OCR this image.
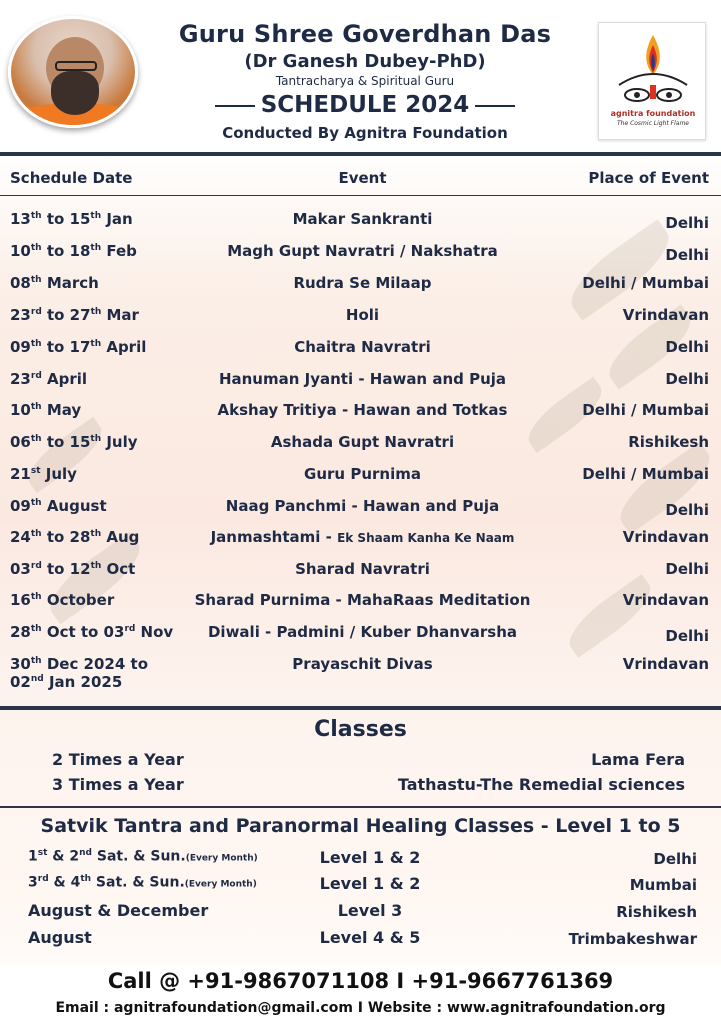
Guru Shree Goverdhan Das
(Dr Ganesh Dubey-PhD)
Tantracharya & Spiritual Guru
SCHEDULE 2024
Conducted By Agnitra Foundation
agnitra foundation
The Cosmic Light Flame
Schedule Date	Event	Place of Event
13th to 15th Jan	Makar Sankranti	Delhi
10th to 18th Feb	Magh Gupt Navratri / Nakshatra	Delhi
08th March	Rudra Se Milaap	Delhi / Mumbai
23rd to 27th Mar	Holi	Vrindavan
09th to 17th April	Chaitra Navratri	Delhi
23rd April	Hanuman Jyanti - Hawan and Puja	Delhi
10th May	Akshay Tritiya - Hawan and Totkas	Delhi / Mumbai
06th to 15th July	Ashada Gupt Navratri	Rishikesh
21st July	Guru Purnima	Delhi / Mumbai
09th August	Naag Panchmi - Hawan and Puja	Delhi
24th to 28th Aug	Janmashtami - Ek Shaam Kanha Ke Naam	Vrindavan
03rd to 12th Oct	Sharad Navratri	Delhi
16th October	Sharad Purnima - MahaRaas Meditation	Vrindavan
28th Oct to 03rd Nov	Diwali - Padmini / Kuber Dhanvarsha	Delhi
30th Dec 2024 to
02nd Jan 2025
Prayaschit Divas	Vrindavan
Classes
2 Times a Year	Lama Fera
3 Times a Year	Tathastu-The Remedial sciences
Satvik Tantra and Paranormal Healing Classes - Level 1 to 5
1st & 2nd Sat. & Sun.(Every Month)	Level 1 & 2	Delhi
3rd & 4th Sat. & Sun.(Every Month)	Level 1 & 2	Mumbai
August & December	Level 3	Rishikesh
August	Level 4 & 5	Trimbakeshwar
Call @ +91-9867071108 I +91-9667761369
Email : agnitrafoundation@gmail.com I Website : www.agnitrafoundation.org
